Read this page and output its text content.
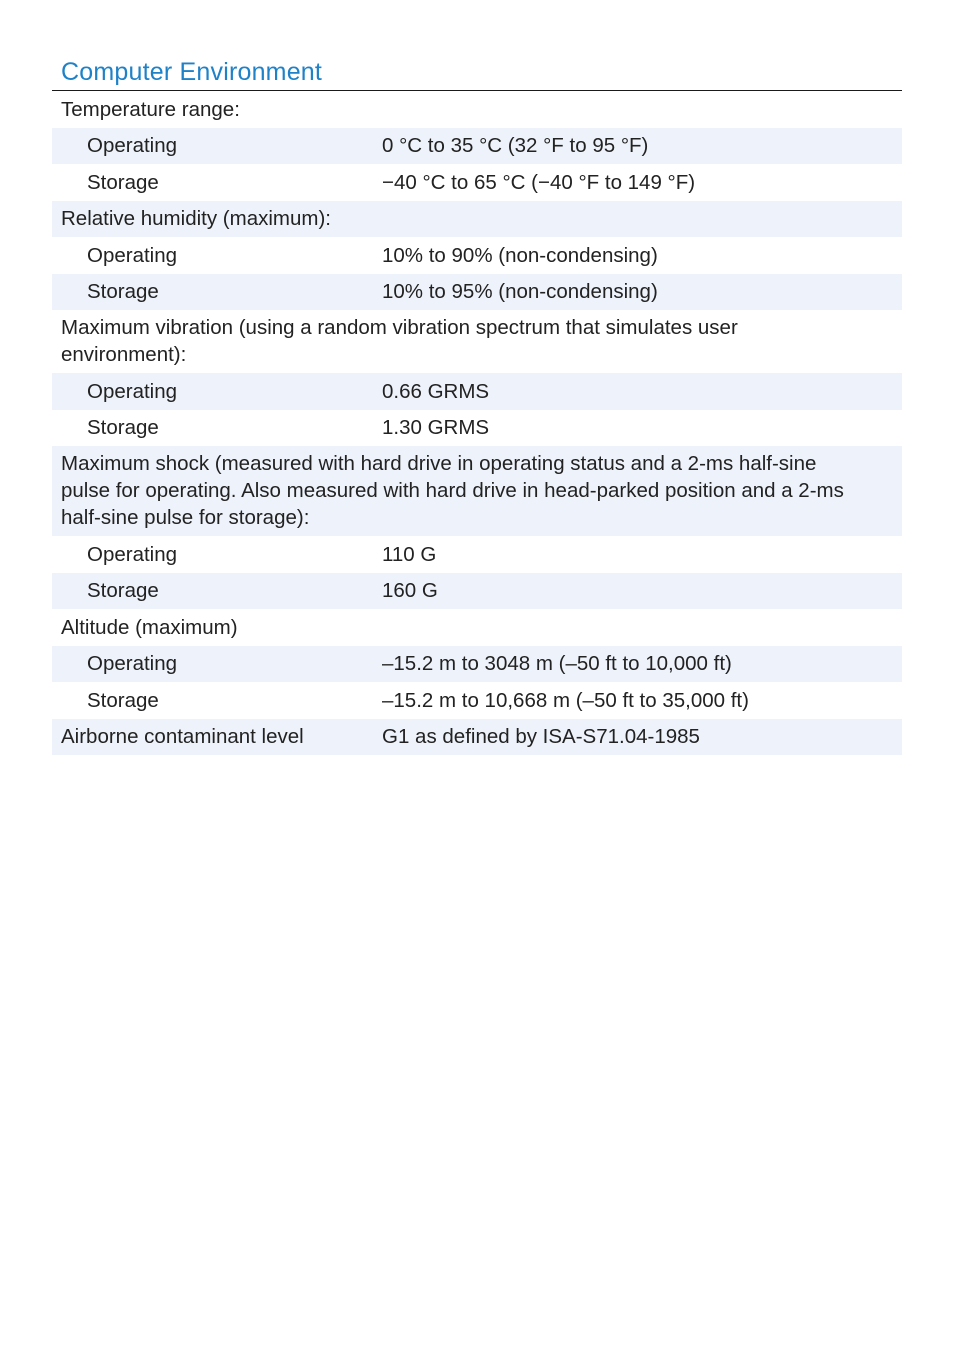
Computer Environment
Temperature range:
Operating	0 °C to 35 °C (32 °F to 95 °F)
Storage	−40 °C to 65 °C (−40 °F to 149 °F)
Relative humidity (maximum):
Operating	10% to 90% (non-condensing)
Storage	10% to 95% (non-condensing)
Maximum vibration (using a random vibration spectrum that simulates user environment):
Operating	0.66 GRMS
Storage	1.30 GRMS
Maximum shock (measured with hard drive in operating status and a 2-ms half-sine pulse for operating. Also measured with hard drive in head-parked position and a 2-ms half-sine pulse for storage):
Operating	110 G
Storage	160 G
Altitude (maximum)
Operating	–15.2 m to 3048 m (–50 ft to 10,000 ft)
Storage	–15.2 m to 10,668 m (–50 ft to 35,000 ft)
Airborne contaminant level	G1 as defined by ISA-S71.04-1985
